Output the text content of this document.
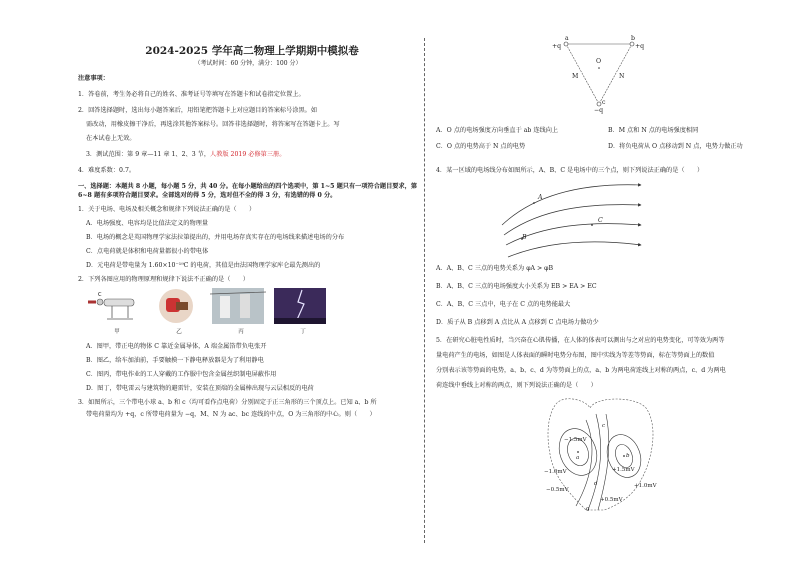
2024-2025 学年高二物理上学期期中模拟卷
（考试时间：60 分钟，满分：100 分）
注意事项：
1．答卷前，考生务必将自己的姓名、准考证号等填写在答题卡和试卷指定位置上。
2．回答选择题时，选出每小题答案后，用铅笔把答题卡上对应题目的答案标号涂黑。如
需改动，用橡皮擦干净后，再选涂其他答案标号。回答非选择题时，将答案写在答题卡上。写
在本试卷上无效。
3．测试范围：第 9 章—11 章 1、2、3 节，人教版 2019 必修第三册。
4．难度系数：0.7。
一、选择题：本题共 8 小题，每小题 5 分，共 40 分。在每小题给出的四个选项中，第 1~5 题只有一项符合题目要求，第 6~8 题有多项符合题目要求。全部选对的得 5 分，选对但不全的得 3 分，有选错的得 0 分。
1．关于电场、电场及相关概念和规律下列说法正确的是（　　）
A．电场强度、电容均是比值法定义的物理量
B．电场的概念是英国物理学家法拉第提出的，并用电场存真实存在的电场线来描述电场的分布
C．点电荷就是体积和电荷量都很小的带电体
D．元电荷是带电量为 1.60×10⁻¹⁹C 的电荷，其值是由法国物理学家库仑最先测出的
2．下列各图应用的物理原理和规律下说法不正确的是（　　）
C
甲	乙	丙	丁
A．图甲，带正电的物体 C 靠近金属导体，A 端金属箔带负电张开
B．图乙，给车加油前，手要触摸一下静电释放器是为了利用静电
C．图丙，带电作业的工人穿戴的工作服中包含金属丝织制电屏蔽作用
D．图丁，带电雷云与建筑物的避雷针，安装在顶端的金属棒出现与云层相反的电荷
3．如图所示，三个带电小球 a、b 和 c（均可看作点电荷）分别固定于正三角形的三个顶点上。已知 a、b 所
带电荷量均为 +q，c 所带电荷量为 −q，M、N 为 ac、bc 连线的中点，O 为三角形的中心。则（　　）
+q	+q
a	b
O
M	N
c
−q
A．O 点的电场强度方向垂直于 ab 连线向上	B．M 点和 N 点的电场强度相同
C．O 点的电势高于 N 点的电势	D．将负电荷从 O 点移动到 N 点，电势力做正功
4．某一区域的电场线分布如图所示，A、B、C 是电场中的三个点，则下列说法正确的是（　　）
A
B
C
A．A、B、C 三点的电势关系为 φA > φB
B．A、B、C 三点的电场强度大小关系为 EB > EA > EC
C．A、B、C 三点中，电子在 C 点的电势能最大
D．质子从 B 点移到 A 点比从 A 点移到 C 点电场力做功少
5．在研究心脏电性质时，当兴奋在心肌传播，在人体的体表可以测出与之对应的电势变化，可等效为两等
量电荷产生的电场，如图是人体表面的瞬时电势分布图，图中实线为等差等势面，标在等势面上的数值
分别表示该等势面的电势，a、b、c、d 为等势面上的点，a、b 为两电荷连线上对称的两点，c、d 为两电
荷连线中垂线上对称的两点，则下列说法正确的是（　　）
+1.5mV
+1.0mV
+0.5mV
0
−1.5mV
−1.0mV
−0.5mV
a	b
c
d
